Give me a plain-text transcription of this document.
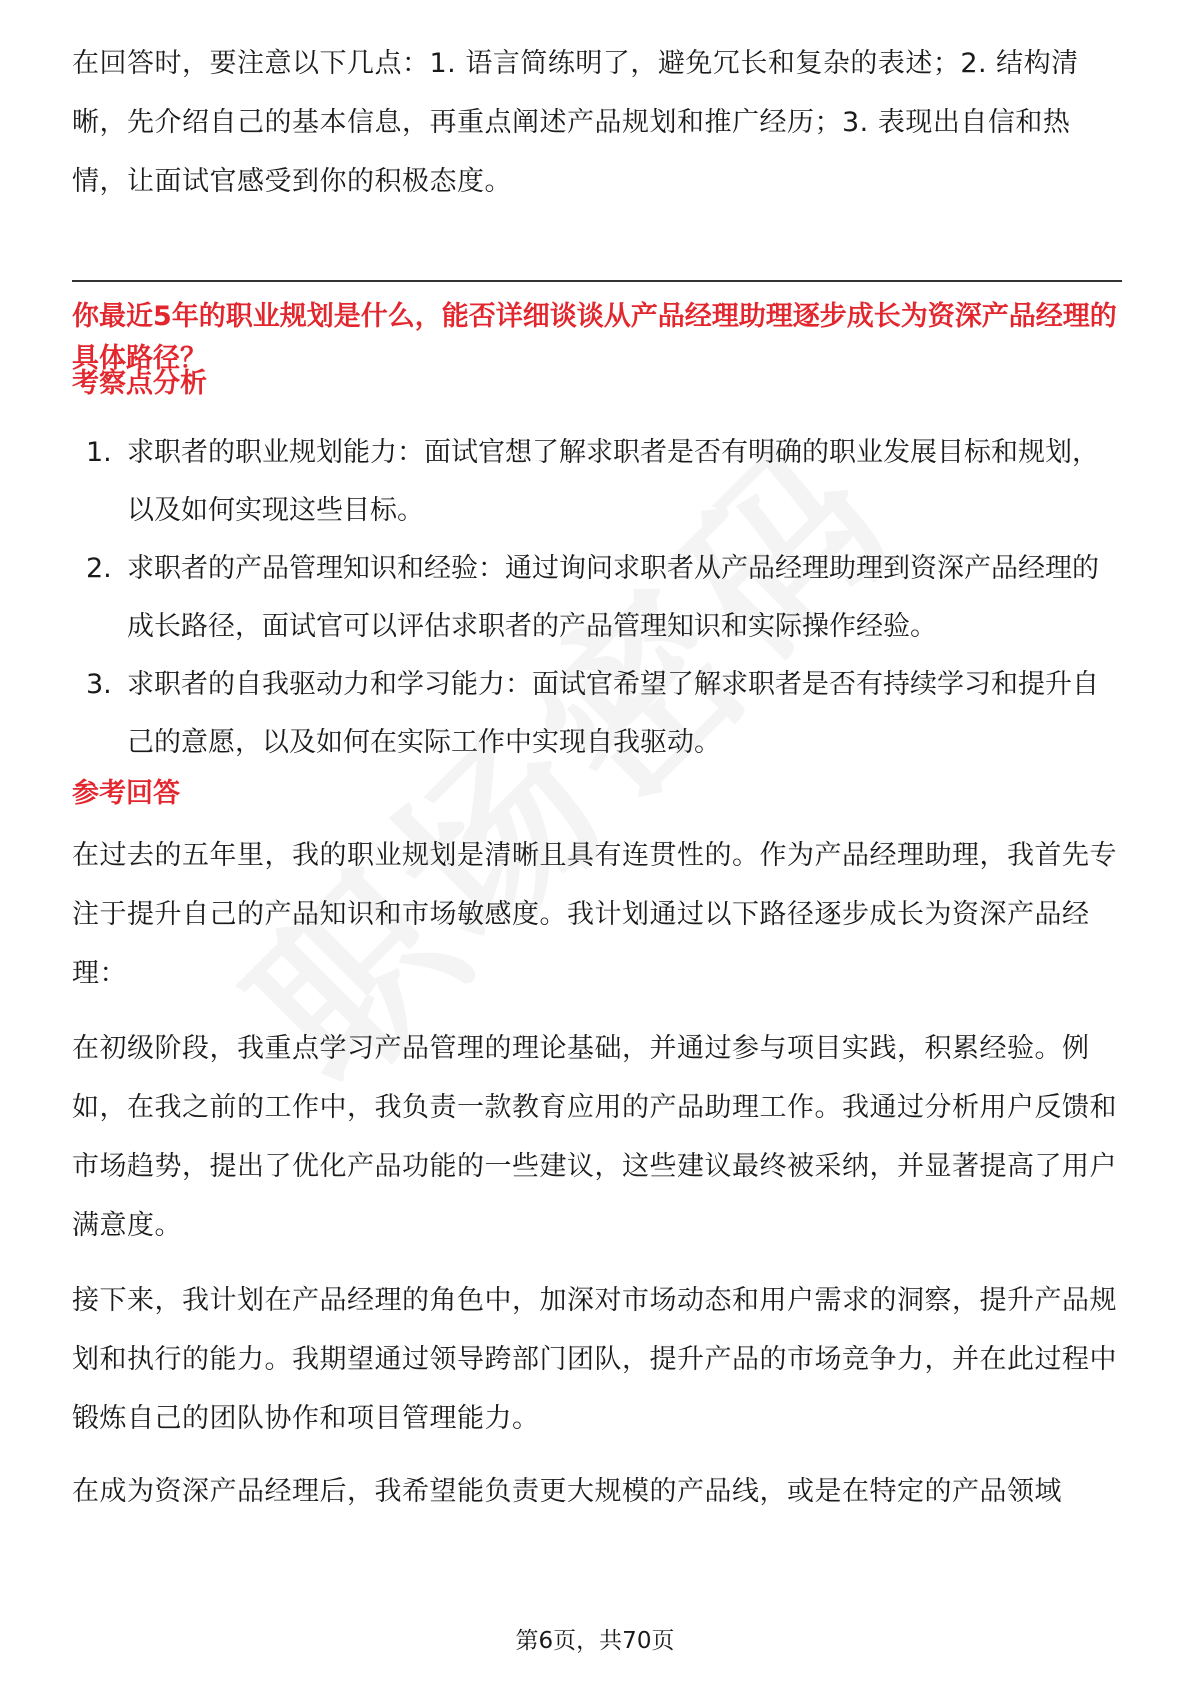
在回答时，要注意以下几点：1. 语言简练明了，避免冗长和复杂的表述；2. 结构清晰，先介绍自己的基本信息，再重点阐述产品规划和推广经历；3. 表现出自信和热情，让面试官感受到你的积极态度。

你最近5年的职业规划是什么，能否详细谈谈从产品经理助理逐步成长为资深产品经理的具体路径？

考察点分析
1. 求职者的职业规划能力：面试官想了解求职者是否有明确的职业发展目标和规划，以及如何实现这些目标。
2. 求职者的产品管理知识和经验：通过询问求职者从产品经理助理到资深产品经理的成长路径，面试官可以评估求职者的产品管理知识和实际操作经验。
3. 求职者的自我驱动力和学习能力：面试官希望了解求职者是否有持续学习和提升自己的意愿，以及如何在实际工作中实现自我驱动。
参考回答

在过去的五年里，我的职业规划是清晰且具有连贯性的。作为产品经理助理，我首先专注于提升自己的产品知识和市场敏感度。我计划通过以下路径逐步成长为资深产品经理：

在初级阶段，我重点学习产品管理的理论基础，并通过参与项目实践，积累经验。例如，在我之前的工作中，我负责一款教育应用的产品助理工作。我通过分析用户反馈和市场趋势，提出了优化产品功能的一些建议，这些建议最终被采纳，并显著提高了用户满意度。

接下来，我计划在产品经理的角色中，加深对市场动态和用户需求的洞察，提升产品规划和执行的能力。我期望通过领导跨部门团队，提升产品的市场竞争力，并在此过程中锻炼自己的团队协作和项目管理能力。

在成为资深产品经理后，我希望能负责更大规模的产品线，或是在特定的产品领域

第6页，共70页
